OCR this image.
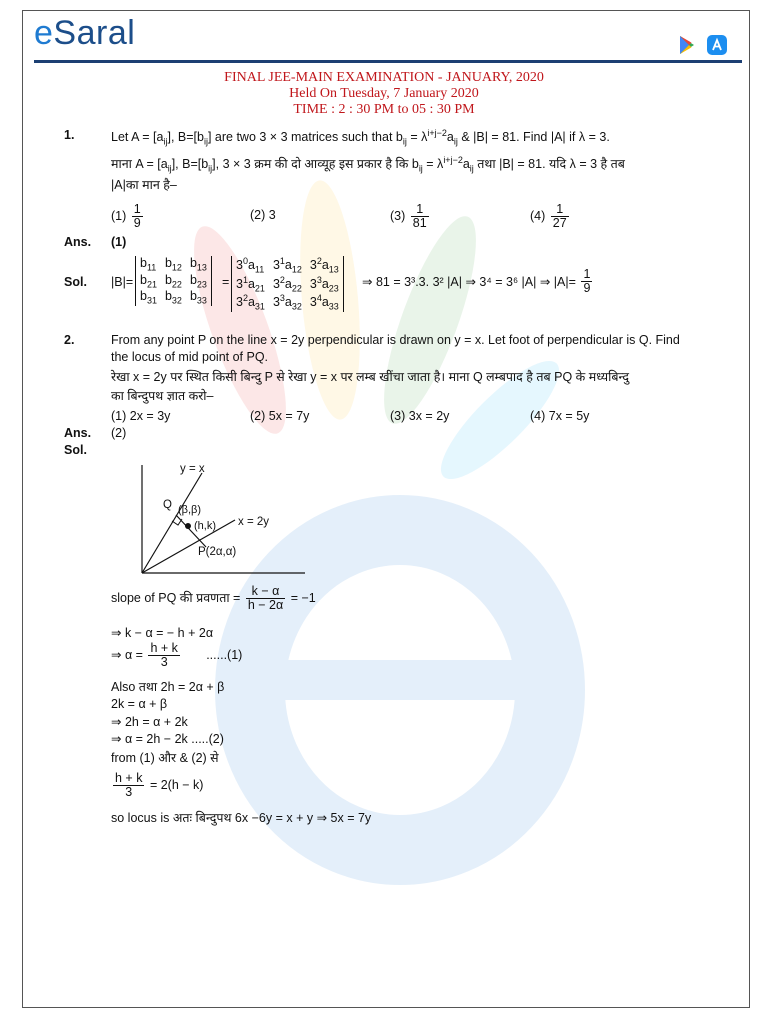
eSaral
FINAL JEE-MAIN EXAMINATION - JANUARY, 2020
Held On Tuesday, 7 January 2020
TIME : 2 : 30 PM to 05 : 30 PM
1.	Let $A = [a_{ij}]$, $B=[b_{ij}]$ are two 3 × 3 matrices such that $b_{ij} = \lambda^{i+j-2}a_{ij}$ & |B| = 81. Find |A| if λ = 3.
माना $A = [a_{ij}]$, $B=[b_{ij}]$, 3 × 3 क्रम की दो आव्यूह इस प्रकार है कि $b_{ij} = \lambda^{i+j-2}a_{ij}$ तथा |B| = 81. यदि λ = 3 है तब
|A|का मान है–
$(1) \frac{1}{9}$	(2) 3	$(3) \frac{1}{81}$	$(4) \frac{1}{27}$
Ans. (1)
Sol. |B|=
$b_{11}$	$b_{12}$	$b_{13}$
$b_{21}$	$b_{22}$	$b_{23}$
$b_{31}$	$b_{32}$	$b_{33}$
=
$3^0a_{11}$	$3^1a_{12}$	$3^2a_{13}$
$3^1a_{21}$	$3^2a_{22}$	$3^3a_{23}$
$3^2a_{31}$	$3^3a_{32}$	$3^4a_{33}$
⇒ 81 = 3³.3. 3² |A| ⇒ 3⁴ = 3⁶ |A| ⇒ $|A|= \frac{1}{9}$
2.	From any point P on the line x = 2y perpendicular is drawn on y = x. Let foot of perpendicular is Q. Find
the locus of mid point of PQ.
रेखा x = 2y पर स्थित किसी बिन्दु P से रेखा y = x पर लम्ब खींचा जाता है। माना Q लम्बपाद है तब PQ के मध्यबिन्दु
का बिन्दुपथ ज्ञात करो–
(1) 2x = 3y	(2) 5x = 7y	(3) 3x = 2y	(4) 7x = 5y
Ans. (2)
Sol.
y = x
x = 2y
Q (β,β)
(h,k)
P(2α,α)
slope of PQ की प्रवणता = $\frac{k - \alpha}{h - 2\alpha} = -1$
⇒ k − α = − h + 2α
⇒ $\alpha = \frac{h + k}{3} ......(1)$
Also तथा 2h = 2α + β
2k = α + β
⇒ 2h = α + 2k
⇒ α = 2h − 2k .....(2)
from (1) और & (2) से
$\frac{h + k}{3} = 2(h - k)$
so locus is अतः बिन्दुपथ 6x −6y = x + y ⇒ 5x = 7y
